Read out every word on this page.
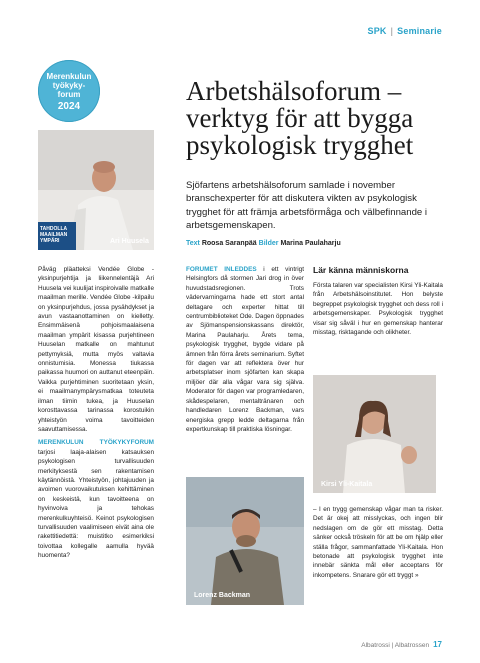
SPK | Seminarie
Merenkulun
työkyky-
forum
2024
TAHDOLLA MAAILMAN YMPÄRI	Ari Huusela
Arbetshälsoforum – verktyg för att bygga psykologisk trygghet
Sjöfartens arbetshälsoforum samlade i november branschexperter för att diskutera vikten av psykologisk trygghet för att främja arbetsförmåga och välbefinnande i arbetsgemenskapen.
Text Roosa Saranpää Bilder Marina Paulaharju

Påväg pläatteksi Vendée Globe -yksinpurjehtija ja liikennelentäjä Ari Huusela vei kuulijat inspiroivalle matkalle maailman merille. Vendée Globe -kilpailu on yksinpurjehdus, jossa pysähdykset ja avun vastaanottaminen on kielletty. Ensimmäisenä pohjoismaalaisena maailman ympärit kisassa purjehtineen Huuselan matkalle on mahtunut pettymyksiä, mutta myös valtavia onnistumisia. Monessa tiukassa paikassa huumori on auttanut eteenpäin. Vaikka purjehtiminen suoritetaan yksin, ei maailmanympärysmatkaa toteuteta ilman tiimin tukea, ja Huuselan korosttavassa tarinassa korostuikin yhteistyön voima tavoitteiden saavuttamisessa.

MERENKULUN TYÖKYKYFORUM tarjosi laaja-alaisen katsauksen psykologisen turvallisuuden merkityksestä sen rakentamisen käytännöistä. Yhteistyön, johtajuuden ja avoimen vuorovaikutuksen kehittäminen on keskeistä, kun tavoitteena on hyvinvoiva ja tehokas merenkulkuyhteisö. Keinot psykologisen turvallisuuden vaalimiseen eivät aina ole rakettitiedettä: muistitko esimerkiksi toivottaa kollegalle aamulla hyvää huomenta?

FORUMET INLEDDES i ett vintrigt Helsingfors då stormen Jari drog in över huvudstadsregionen. Trots vädervarningarna hade ett stort antal deltagare och experter hittat till centrumbiblioteket Ode. Dagen öppnades av Sjömanspensionskassans direktör, Marina Paulaharju. Årets tema, psykologisk trygghet, bygde vidare på ämnen från förra årets seminarium. Syftet för dagen var att reflektera över hur arbetsplatser inom sjöfarten kan skapa miljöer där alla vågar vara sig själva. Moderator för dagen var programledaren, skådespelaren, mentaltränaren och handledaren Lorenz Backman, vars energiska grepp ledde deltagarna från expertkunskap till praktiska lösningar.

Lorenz Backman
Lär känna människorna
Första talaren var specialisten Kirsi Yli-Kaitala från Arbetshälsoinstitutet. Hon belyste begreppet psykologisk trygghet och dess roll i arbetsgemenskaper. Psykologisk trygghet visar sig såväl i hur en gemenskap hanterar misstag, risktagande och olikheter.
Kirsi Yli-Kaitala
– I en trygg gemenskap vågar man ta risker. Det är okej att misslyckas, och ingen blir nedslagen om de gör ett misstag. Detta sänker också tröskeln för att be om hjälp eller ställa frågor, sammanfattade Yli-Kaitala. Hon betonade att psykologisk trygghet inte innebär sänkta mål eller acceptans för inkompetens. Snarare gör ett tryggt »
Albatrossi | Albatrossen 17
